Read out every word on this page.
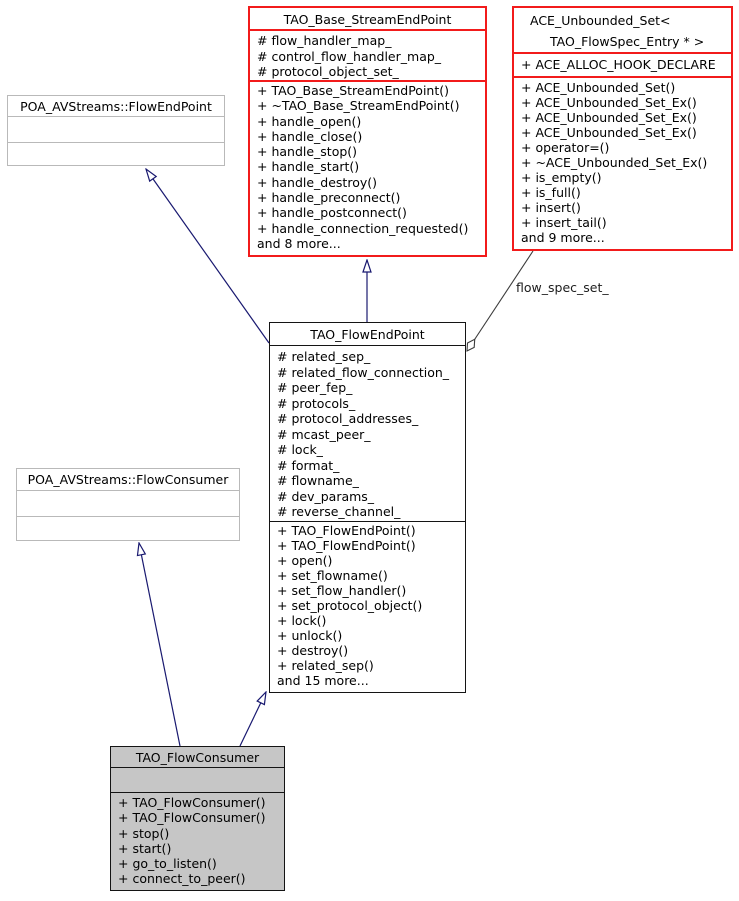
flow_spec_set_
POA_AVStreams::FlowEndPoint
TAO_Base_StreamEndPoint
# flow_handler_map_
# control_flow_handler_map_
# protocol_object_set_
+ TAO_Base_StreamEndPoint()
+ ~TAO_Base_StreamEndPoint()
+ handle_open()
+ handle_close()
+ handle_stop()
+ handle_start()
+ handle_destroy()
+ handle_preconnect()
+ handle_postconnect()
+ handle_connection_requested()
and 8 more...
ACE_Unbounded_Set<
TAO_FlowSpec_Entry * >
+ ACE_ALLOC_HOOK_DECLARE
+ ACE_Unbounded_Set()
+ ACE_Unbounded_Set_Ex()
+ ACE_Unbounded_Set_Ex()
+ ACE_Unbounded_Set_Ex()
+ operator=()
+ ~ACE_Unbounded_Set_Ex()
+ is_empty()
+ is_full()
+ insert()
+ insert_tail()
and 9 more...
TAO_FlowEndPoint
# related_sep_
# related_flow_connection_
# peer_fep_
# protocols_
# protocol_addresses_
# mcast_peer_
# lock_
# format_
# flowname_
# dev_params_
# reverse_channel_
+ TAO_FlowEndPoint()
+ TAO_FlowEndPoint()
+ open()
+ set_flowname()
+ set_flow_handler()
+ set_protocol_object()
+ lock()
+ unlock()
+ destroy()
+ related_sep()
and 15 more...
POA_AVStreams::FlowConsumer
TAO_FlowConsumer
+ TAO_FlowConsumer()
+ TAO_FlowConsumer()
+ stop()
+ start()
+ go_to_listen()
+ connect_to_peer()
